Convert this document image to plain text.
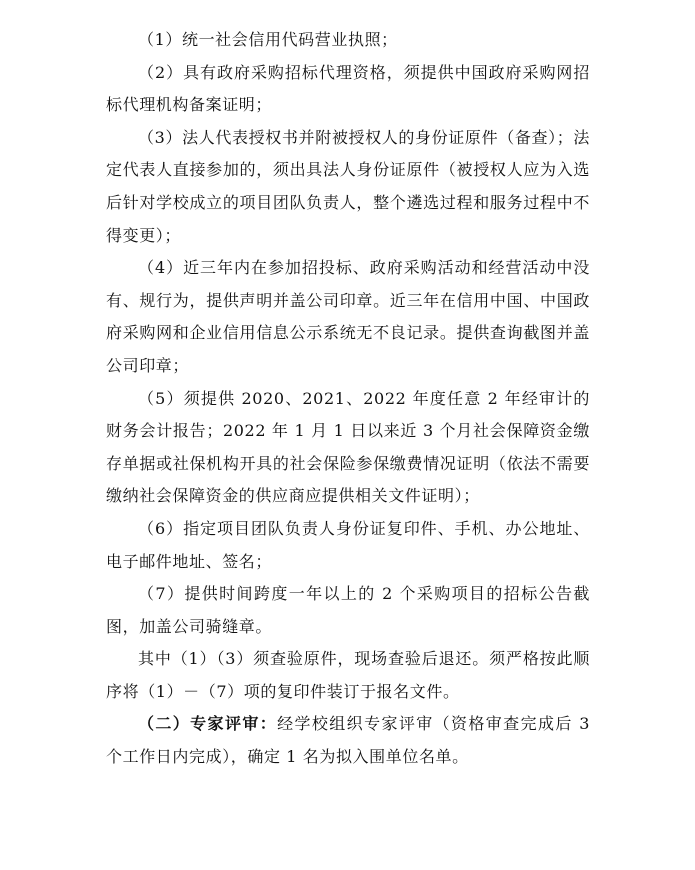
（1）统一社会信用代码营业执照；

（2）具有政府采购招标代理资格，须提供中国政府采购网招标代理机构备案证明；

（3）法人代表授权书并附被授权人的身份证原件（备查）；法定代表人直接参加的，须出具法人身份证原件（被授权人应为入选后针对学校成立的项目团队负责人，整个遴选过程和服务过程中不得变更）；

（4）近三年内在参加招投标、政府采购活动和经营活动中没有、规行为，提供声明并盖公司印章。近三年在信用中国、中国政府采购网和企业信用信息公示系统无不良记录。提供查询截图并盖公司印章；

（5）须提供 2020、2021、2022 年度任意 2 年经审计的财务会计报告；2022 年 1 月 1 日以来近 3 个月社会保障资金缴存单据或社保机构开具的社会保险参保缴费情况证明（依法不需要缴纳社会保障资金的供应商应提供相关文件证明）；

（6）指定项目团队负责人身份证复印件、手机、办公地址、电子邮件地址、签名；

（7）提供时间跨度一年以上的 2 个采购项目的招标公告截图，加盖公司骑缝章。

其中（1）（3）须查验原件，现场查验后退还。须严格按此顺序将（1）－（7）项的复印件装订于报名文件。

（二）专家评审：经学校组织专家评审（资格审查完成后 3 个工作日内完成），确定 1 名为拟入围单位名单。
